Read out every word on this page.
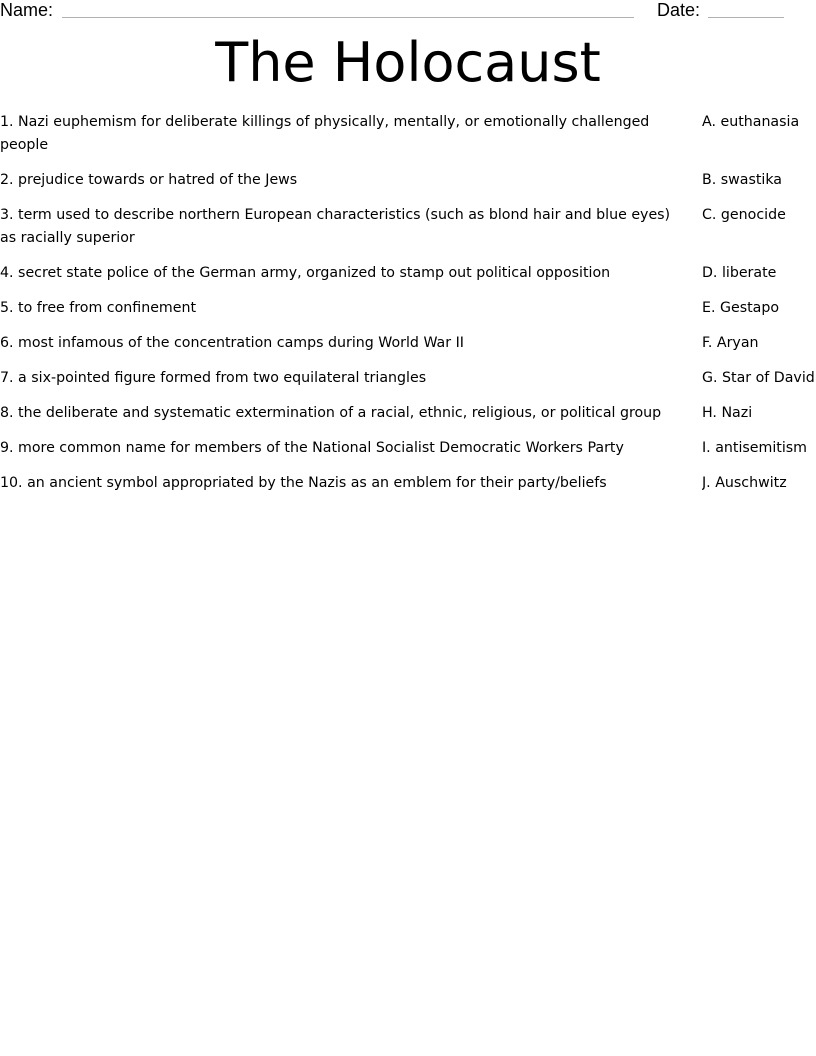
Name:	Date:
The Holocaust

1. Nazi euphemism for deliberate killings of physically, mentally, or emotionally challenged people

A. euthanasia

2. prejudice towards or hatred of the Jews	B. swastika

3. term used to describe northern European characteristics (such as blond hair and blue eyes) as racially superior

C. genocide

4. secret state police of the German army, organized to stamp out political opposition	D. liberate

5. to free from confinement	E. Gestapo

6. most infamous of the concentration camps during World War II	F. Aryan

7. a six-pointed figure formed from two equilateral triangles	G. Star of David

8. the deliberate and systematic extermination of a racial, ethnic, religious, or political group	H. Nazi

9. more common name for members of the National Socialist Democratic Workers Party	I. antisemitism

10. an ancient symbol appropriated by the Nazis as an emblem for their party/beliefs	J. Auschwitz
